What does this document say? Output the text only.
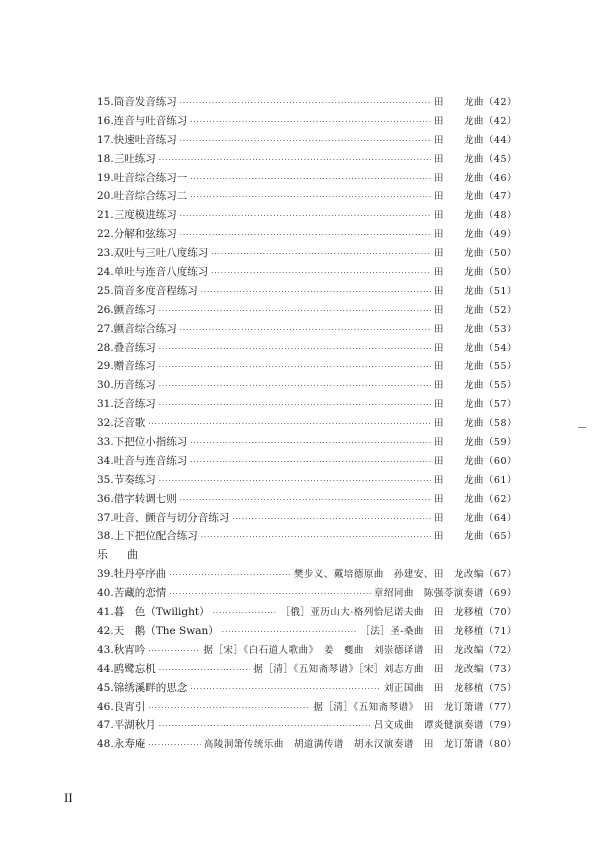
15.筒音发音练习 ·····	田　　龙曲（42）
16.连音与吐音练习 ·····	田　　龙曲（42）
17.快速吐音练习 ·····	田　　龙曲（44）
18.三吐练习 ·····	田　　龙曲（45）
19.吐音综合练习一 ·····	田　　龙曲（46）
20.吐音综合练习二 ·····	田　　龙曲（47）
21.三度模进练习 ·····	田　　龙曲（48）
22.分解和弦练习 ·····	田　　龙曲（49）
23.双吐与三吐八度练习 ·····	田　　龙曲（50）
24.单吐与连音八度练习 ·····	田　　龙曲（50）
25.筒音多度音程练习 ·····	田　　龙曲（51）
26.颤音练习 ·····	田　　龙曲（52）
27.颤音综合练习 ·····	田　　龙曲（53）
28.叠音练习 ·····	田　　龙曲（54）
29.赠音练习 ·····	田　　龙曲（55）
30.历音练习 ·····	田　　龙曲（55）
31.泛音练习 ·····	田　　龙曲（57）
32.泛音歌 ·····	田　　龙曲（58）
33.下把位小指练习 ·····	田　　龙曲（59）
34.吐音与连音练习 ·····	田　　龙曲（60）
35.节奏练习 ·····	田　　龙曲（61）
36.借字转调七则 ·····	田　　龙曲（62）
37.吐音、颤音与切分音练习 ·····	田　　龙曲（64）
38.上下把位配合练习 ·····	田　　龙曲（65）
乐　曲
39.牡丹亭序曲 ·····	樊步义、戴培德原曲　孙建安、田　龙改编（67）
40.苦藏的恋情 ·····	章绍同曲　陈强苓演奏谱（69）
41.暮　色（Twilight） ·····	［俄］亚历山大·格列恰尼诺夫曲　田　龙移植（70）
42.天　鹅（The Swan） ·····	［法］圣-桑曲　田　龙移植（71）
43.秋宵吟 ·····	据［宋］《白石道人歌曲》　姜　夔曲　刘崇德译谱　田　龙改编（72）
44.鸥鹭忘机 ·····	据［清］《五知斋琴谱》［宋］刘志方曲　田　龙改编（73）
45.锦绣溪畔的思念 ·····	刘正国曲　田　龙移植（75）
46.良宵引 ·····	据［清］《五知斋琴谱》　田　龙订箫谱（77）
47.平湖秋月 ·····	吕文成曲　谭炎健演奏谱（79）
48.永寿庵 ·····	高陵洞箫传统乐曲　胡道满传谱　胡永汉演奏谱　田　龙订箫谱（80）
II
